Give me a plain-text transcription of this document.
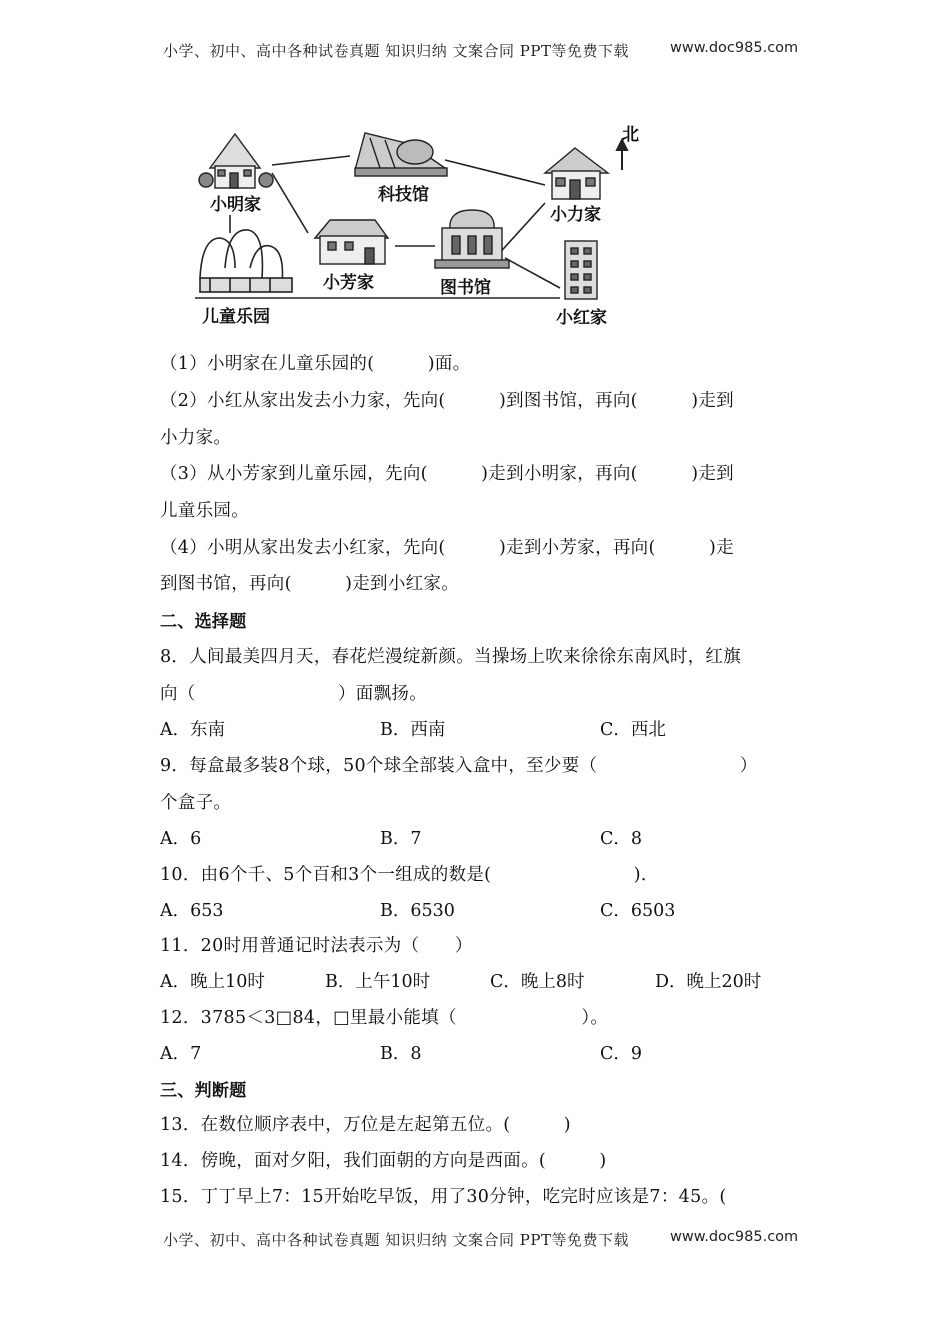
小学、初中、高中各种试卷真题 知识归纳 文案合同 PPT等免费下载	www.doc985.com
北
小明家	科技馆
小力家
小芳家	图书馆
儿童乐园	小红家
（1）小明家在儿童乐园的(　　　)面。
（2）小红从家出发去小力家，先向(　　　)到图书馆，再向(　　　)走到
小力家。
（3）从小芳家到儿童乐园，先向(　　　)走到小明家，再向(　　　)走到
儿童乐园。
（4）小明从家出发去小红家，先向(　　　)走到小芳家，再向(　　　)走
到图书馆，再向(　　　)走到小红家。
二、选择题
8．人间最美四月天，春花烂漫绽新颜。当操场上吹来徐徐东南风时，红旗
向（　　　　　　　　）面飘扬。
A．东南	B．西南	C．西北
9．每盒最多装8个球，50个球全部装入盒中，至少要（　　　　　　　　）
个盒子。
A．6	B．7	C．8
10．由6个千、5个百和3个一组成的数是(　　　　　　　　)．
A．653	B．6530	C．6503
11．20时用普通记时法表示为（　　）
A．晚上10时	B．上午10时	C．晚上8时	D．晚上20时
12．3785＜3□84，□里最小能填（　　　　　　　）。
A．7	B．8	C．9
三、判断题
13．在数位顺序表中，万位是左起第五位。(　　　)
14．傍晚，面对夕阳，我们面朝的方向是西面。(　　　)
15．丁丁早上7：15开始吃早饭，用了30分钟，吃完时应该是7：45。(
小学、初中、高中各种试卷真题 知识归纳 文案合同 PPT等免费下载	www.doc985.com
